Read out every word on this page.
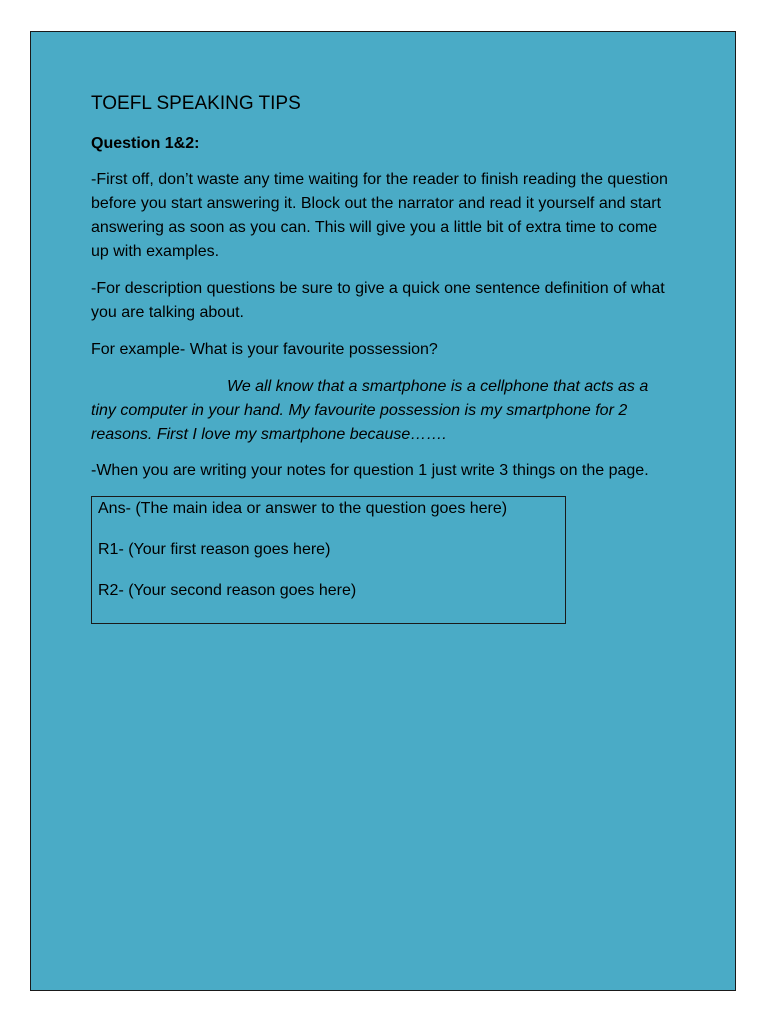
TOEFL SPEAKING TIPS
Question 1&2:

-First off, don’t waste any time waiting for the reader to finish reading the question before you start answering it. Block out the narrator and read it yourself and start answering as soon as you can. This will give you a little bit of extra time to come up with examples.

-For description questions be sure to give a quick one sentence definition of what you are talking about.

For example- What is your favourite possession?

We all know that a smartphone is a cellphone that acts as a tiny computer in your hand. My favourite possession is my smartphone for 2 reasons. First I love my smartphone because…….

-When you are writing your notes for question 1 just write 3 things on the page.

Ans- (The main idea or answer to the question goes here)
R1- (Your first reason goes here)
R2- (Your second reason goes here)
